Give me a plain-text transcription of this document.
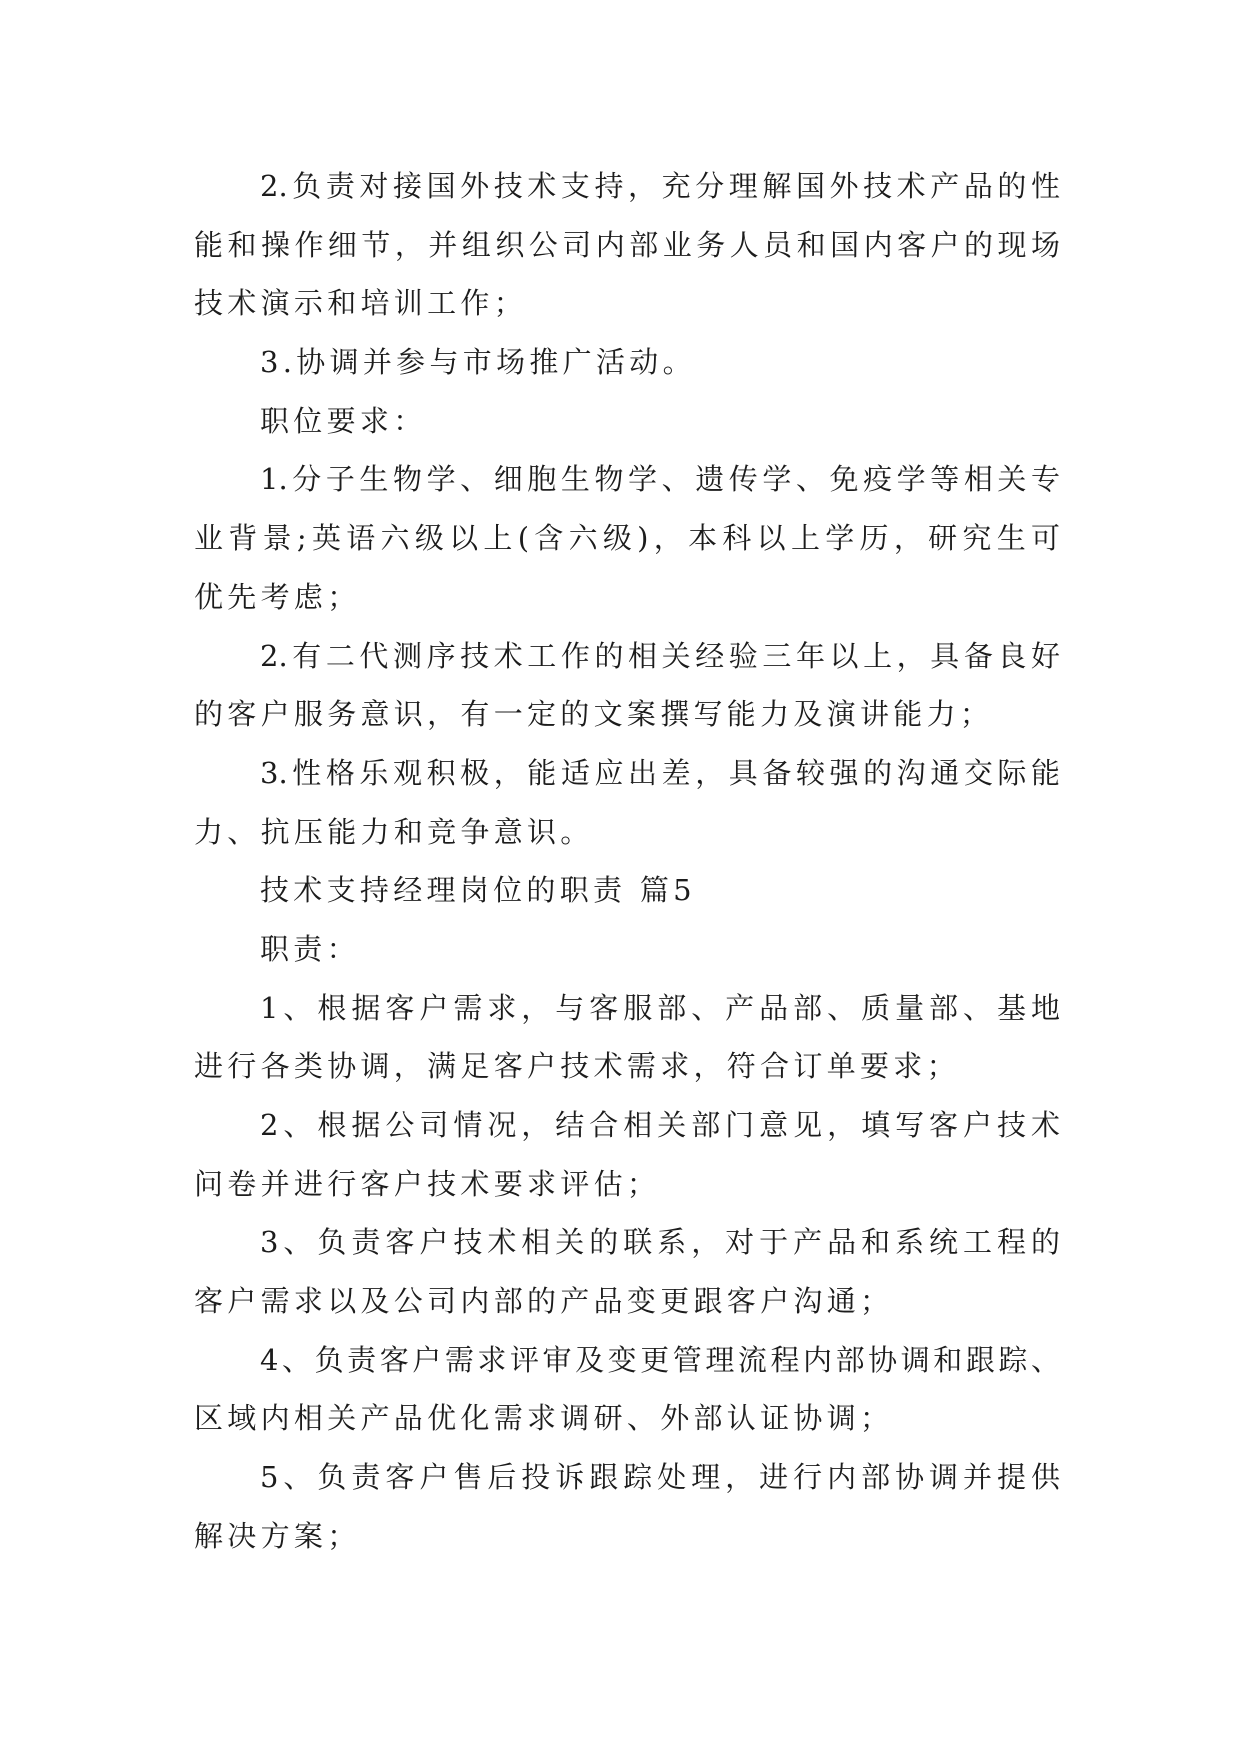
2.负责对接国外技术支持，充分理解国外技术产品的性
能和操作细节，并组织公司内部业务人员和国内客户的现场
技术演示和培训工作；
3.协调并参与市场推广活动。
职位要求：
1.分子生物学、细胞生物学、遗传学、免疫学等相关专
业背景;英语六级以上(含六级)，本科以上学历，研究生可
优先考虑；
2.有二代测序技术工作的相关经验三年以上，具备良好
的客户服务意识，有一定的文案撰写能力及演讲能力；
3.性格乐观积极，能适应出差，具备较强的沟通交际能
力、抗压能力和竞争意识。
技术支持经理岗位的职责 篇5
职责：
1、根据客户需求，与客服部、产品部、质量部、基地
进行各类协调，满足客户技术需求，符合订单要求；
2、根据公司情况，结合相关部门意见，填写客户技术
问卷并进行客户技术要求评估；
3、负责客户技术相关的联系，对于产品和系统工程的
客户需求以及公司内部的产品变更跟客户沟通；
4、负责客户需求评审及变更管理流程内部协调和跟踪、
区域内相关产品优化需求调研、外部认证协调；
5、负责客户售后投诉跟踪处理，进行内部协调并提供
解决方案；
